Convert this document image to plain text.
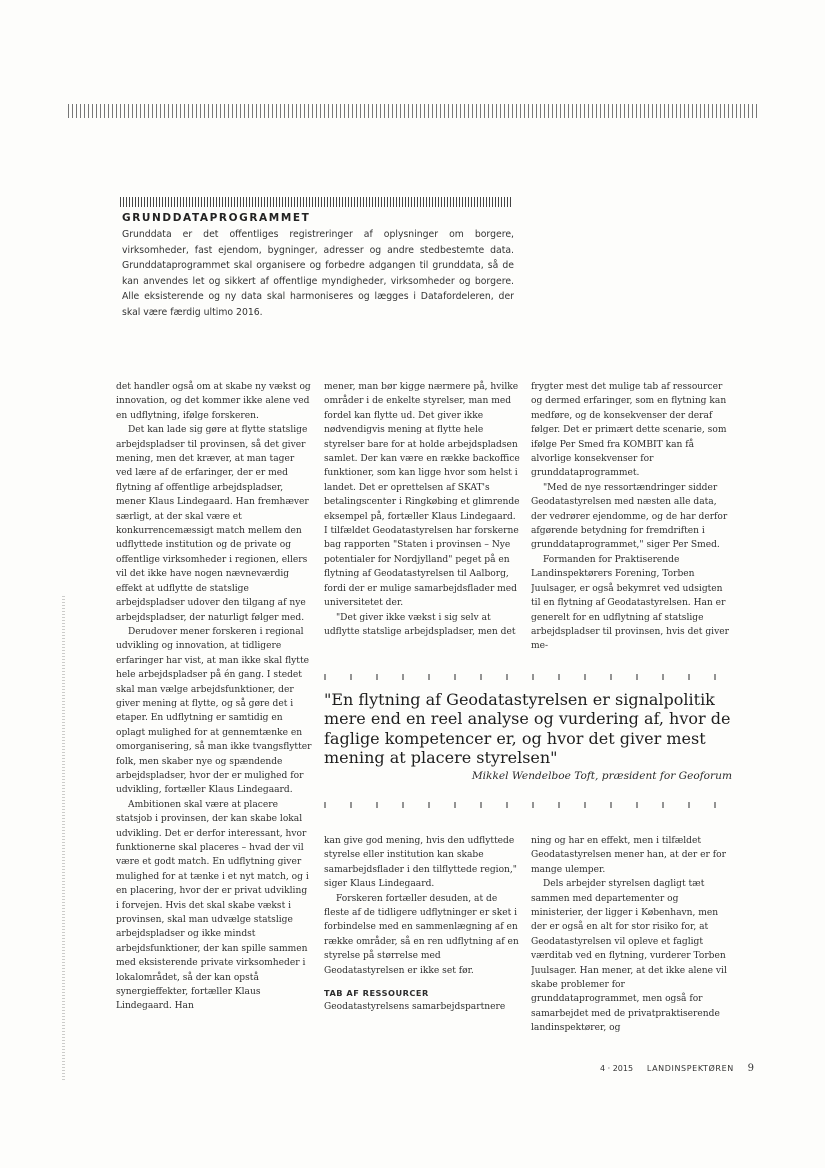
GRUNDDATAPROGRAMMET
Grunddata er det offentliges registreringer af oplysninger om borgere, virksomheder, fast ejendom, bygninger, adresser og andre stedbestemte data. Grunddataprogrammet skal organisere og forbedre adgangen til grunddata, så de kan anvendes let og sikkert af offentlige myndigheder, virksomheder og borgere. Alle eksisterende og ny data skal harmoniseres og lægges i Datafordeleren, der skal være færdig ultimo 2016.

det handler også om at skabe ny vækst og innovation, og det kommer ikke alene ved en udflytning, ifølge forskeren.

Det kan lade sig gøre at flytte statslige arbejdspladser til provinsen, så det giver mening, men det kræver, at man tager ved lære af de erfaringer, der er med flytning af offentlige arbejdspladser, mener Klaus Lindegaard. Han fremhæver særligt, at der skal være et konkurrencemæssigt match mellem den udflyttede institution og de private og offentlige virksomheder i regionen, ellers vil det ikke have nogen nævneværdig effekt at udflytte de statslige arbejdspladser udover den tilgang af nye arbejdspladser, der naturligt følger med.

Derudover mener forskeren i regional udvikling og innovation, at tidligere erfaringer har vist, at man ikke skal flytte hele arbejdspladser på én gang. I stedet skal man vælge arbejdsfunktioner, der giver mening at flytte, og så gøre det i etaper. En udflytning er samtidig en oplagt mulighed for at gennemtænke en omorganisering, så man ikke tvangsflytter folk, men skaber nye og spændende arbejdspladser, hvor der er mulighed for udvikling, fortæller Klaus Lindegaard.

Ambitionen skal være at placere statsjob i provinsen, der kan skabe lokal udvikling. Det er derfor interessant, hvor funktionerne skal placeres – hvad der vil være et godt match. En udflytning giver mulighed for at tænke i et nyt match, og i en placering, hvor der er privat udvikling i forvejen. Hvis det skal skabe vækst i provinsen, skal man udvælge statslige arbejdspladser og ikke mindst arbejdsfunktioner, der kan spille sammen med eksisterende private virksomheder i lokalområdet, så der kan opstå synergieffekter, fortæller Klaus Lindegaard. Han

mener, man bør kigge nærmere på, hvilke områder i de enkelte styrelser, man med fordel kan flytte ud. Det giver ikke nødvendigvis mening at flytte hele styrelser bare for at holde arbejdspladsen samlet. Der kan være en række backoffice funktioner, som kan ligge hvor som helst i landet. Det er oprettelsen af SKAT's betalingscenter i Ringkøbing et glimrende eksempel på, fortæller Klaus Lindegaard. I tilfældet Geodatastyrelsen har forskerne bag rapporten "Staten i provinsen – Nye potentialer for Nordjylland" peget på en flytning af Geodatastyrelsen til Aalborg, fordi der er mulige samarbejdsflader med universitetet der.

"Det giver ikke vækst i sig selv at udflytte statslige arbejdspladser, men det

frygter mest det mulige tab af ressourcer og dermed erfaringer, som en flytning kan medføre, og de konsekvenser der deraf følger. Det er primært dette scenarie, som ifølge Per Smed fra KOMBIT kan få alvorlige konsekvenser for grunddataprogrammet.

"Med de nye ressortændringer sidder Geodatastyrelsen med næsten alle data, der vedrører ejendomme, og de har derfor afgørende betydning for fremdriften i grunddataprogrammet," siger Per Smed.

Formanden for Praktiserende Landinspektørers Forening, Torben Juulsager, er også bekymret ved udsigten til en flytning af Geodatastyrelsen. Han er generelt for en udflytning af statslige arbejdspladser til provinsen, hvis det giver me-

"En flytning af Geodatastyrelsen er signalpolitik mere end en reel analyse og vurdering af, hvor de faglige kompetencer er, og hvor det giver mest mening at placere styrelsen"
Mikkel Wendelboe Toft, præsident for Geoforum

kan give god mening, hvis den udflyttede styrelse eller institution kan skabe samarbejdsflader i den tilflyttede region," siger Klaus Lindegaard.

Forskeren fortæller desuden, at de fleste af de tidligere udflytninger er sket i forbindelse med en sammenlægning af en række områder, så en ren udflytning af en styrelse på størrelse med Geodatastyrelsen er ikke set før.

TAB AF RESSOURCER

Geodatastyrelsens samarbejdspartnere

ning og har en effekt, men i tilfældet Geodatastyrelsen mener han, at der er for mange ulemper.

Dels arbejder styrelsen dagligt tæt sammen med departementer og ministerier, der ligger i København, men der er også en alt for stor risiko for, at Geodatastyrelsen vil opleve et fagligt værditab ved en flytning, vurderer Torben Juulsager. Han mener, at det ikke alene vil skabe problemer for grunddataprogrammet, men også for samarbejdet med de privatpraktiserende landinspektører, og

4 · 2015 LANDINSPEKTØREN 9
